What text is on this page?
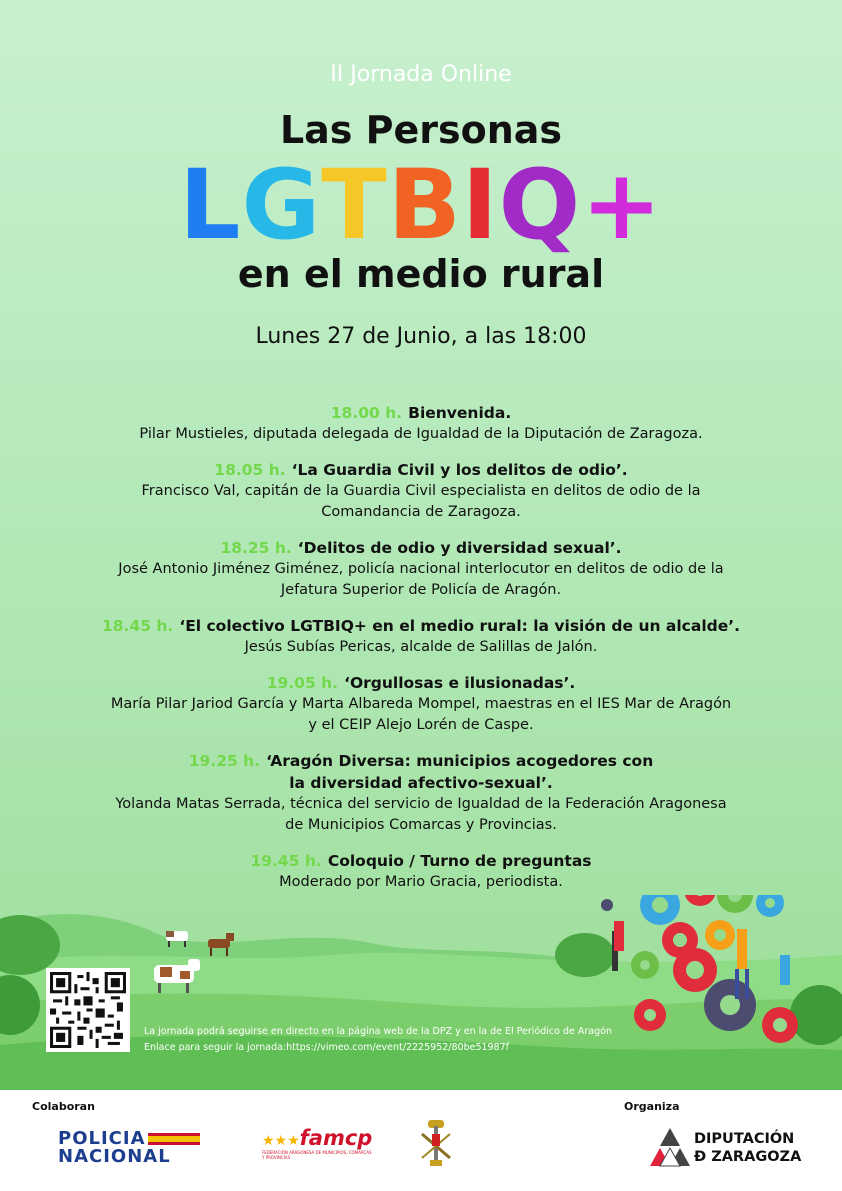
II Jornada Online
Las Personas
LGTBIQ+
en el medio rural
Lunes 27 de Junio, a las 18:00
18.00 h. Bienvenida.
Pilar Mustieles, diputada delegada de Igualdad de la Diputación de Zaragoza.
18.05 h. ‘La Guardia Civil y los delitos de odio’.
Francisco Val, capitán de la Guardia Civil especialista en delitos de odio de la
Comandancia de Zaragoza.
18.25 h. ‘Delitos de odio y diversidad sexual’.
José Antonio Jiménez Giménez, policía nacional interlocutor en delitos de odio de la
Jefatura Superior de Policía de Aragón.
18.45 h. ‘El colectivo LGTBIQ+ en el medio rural: la visión de un alcalde’.
Jesús Subías Pericas, alcalde de Salillas de Jalón.
19.05 h. ‘Orgullosas e ilusionadas’.
María Pilar Jariod García y Marta Albareda Mompel, maestras en el IES Mar de Aragón
y el CEIP Alejo Lorén de Caspe.
19.25 h. ‘Aragón Diversa: municipios acogedores con
la diversidad afectivo-sexual’.
Yolanda Matas Serrada, técnica del servicio de Igualdad de la Federación Aragonesa
de Municipios Comarcas y Provincias.
19.45 h. Coloquio / Turno de preguntas
Moderado por Mario Gracia, periodista.
La jornada podrá seguirse en directo en la página web de la DPZ y en la de El Periódico de Aragón
Enlace para seguir la jornada:https://vimeo.com/event/2225952/80be51987f
Colaboran	Organiza
POLICIA
NACIONAL
★★★famcp
FEDERACIÓN ARAGONESA DE MUNICIPIOS, COMARCAS Y PROVINCIAS
DIPUTACIÓN
Ð ZARAGOZA
